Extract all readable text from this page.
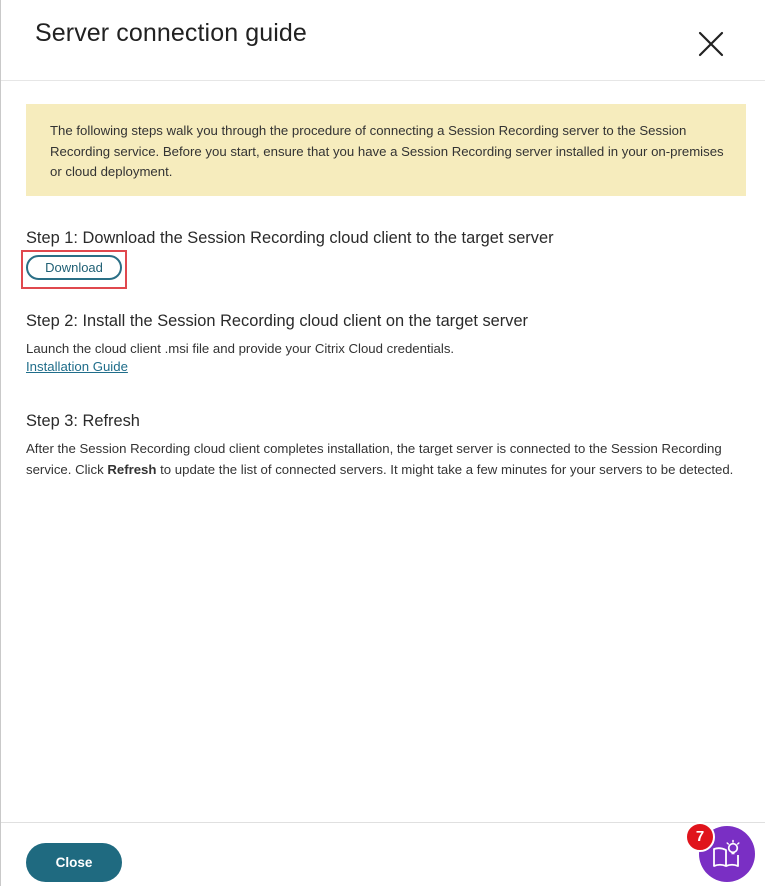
Server connection guide
The following steps walk you through the procedure of connecting a Session Recording server to the Session Recording service. Before you start, ensure that you have a Session Recording server installed in your on-premises or cloud deployment.
Step 1: Download the Session Recording cloud client to the target server
Download
Step 2: Install the Session Recording cloud client on the target server
Launch the cloud client .msi file and provide your Citrix Cloud credentials.
Installation Guide
Step 3: Refresh
After the Session Recording cloud client completes installation, the target server is connected to the Session Recording service. Click Refresh to update the list of connected servers. It might take a few minutes for your servers to be detected.
Close
7
